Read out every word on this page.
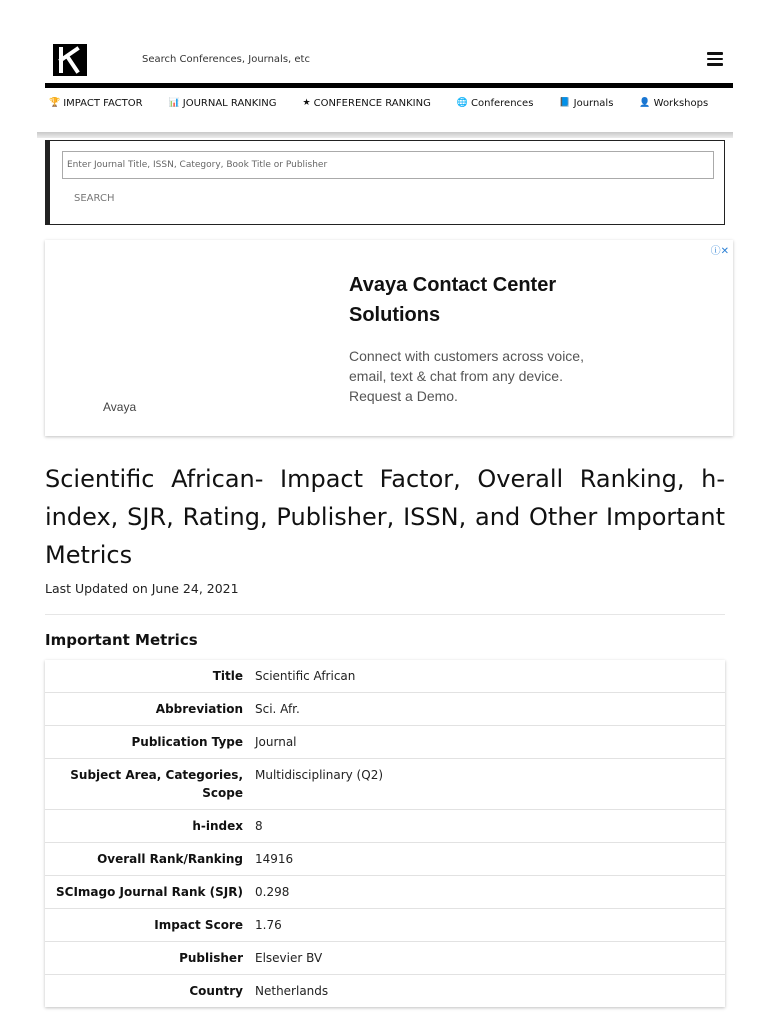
Search Conferences, Journals, etc
🏆 IMPACT FACTOR	📊 JOURNAL RANKING	★ CONFERENCE RANKING	🌐 Conferences	📘 Journals	👤 Workshops
Enter Journal Title, ISSN, Category, Book Title or Publisher
SEARCH
ⓘ✕
Avaya Contact Center Solutions
Connect with customers across voice, email, text & chat from any device. Request a Demo.
Avaya
Scientific African- Impact Factor, Overall Ranking, h-index, SJR, Rating, Publisher, ISSN, and Other Important Metrics
Last Updated on June 24, 2021
Important Metrics
Title	Scientific African
Abbreviation	Sci. Afr.
Publication Type	Journal
Subject Area, Categories, Scope	Multidisciplinary (Q2)
h-index	8
Overall Rank/Ranking	14916
SCImago Journal Rank (SJR)	0.298
Impact Score	1.76
Publisher	Elsevier BV
Country	Netherlands
